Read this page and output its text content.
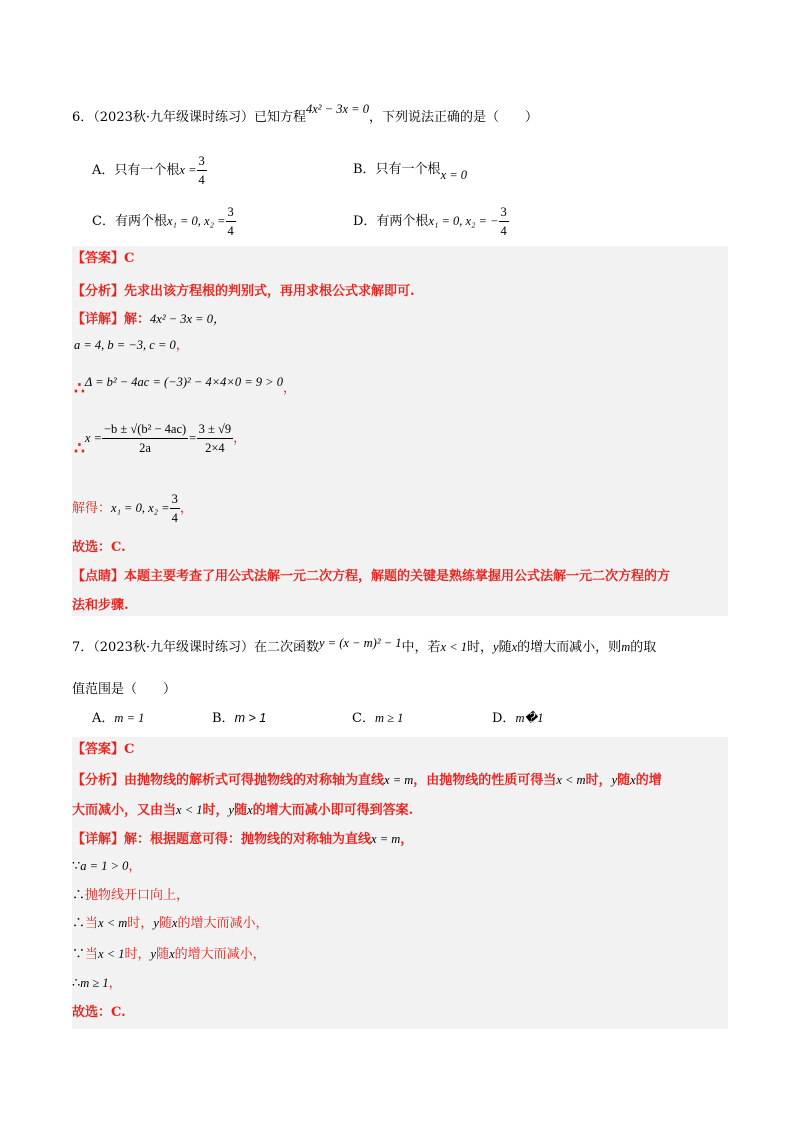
6．（2023秋·九年级课时练习）已知方程4x² − 3x = 0，下列说法正确的是（　　）
A．只有一个根$x = \frac{3}{4}$	B．只有一个根x = 0
C．有两个根x₁ = 0, $x_2 = \frac{3}{4}$	D．有两个根x₁ = 0, x₂ = − $\frac{3}{4}$
【答案】C
【分析】先求出该方程根的判别式，再用求根公式求解即可.
【详解】解：4x² − 3x = 0，
a = 4, b = −3, c = 0，
∴Δ = b² − 4ac = (−3)² − 4×4×0 = 9 > 0，
∴x = $\frac{\text{−b ± √(b² − 4ac)}}{2a} = \frac{3 \pm √9}{2\times 4}$ ，
解得：x₁ = 0, $x_2 = \frac{3}{4}$ ，
故选：C.
【点睛】本题主要考查了用公式法解一元二次方程，解题的关键是熟练掌握用公式法解一元二次方程的方
法和步骤.
7．（2023秋·九年级课时练习）在二次函数y = (x − m)² − 1中，若x < 1时，y随x的增大而减小，则m的取
值范围是（　　）
A．m = 1	B．m > 1	C．m ≥ 1	D．m�1
【答案】C
【分析】由抛物线的解析式可得抛物线的对称轴为直线x = m，由抛物线的性质可得当x < m时，y随x的增
大而减小，又由当x < 1时，y随x的增大而减小即可得到答案.
【详解】解：根据题意可得：抛物线的对称轴为直线x = m，
∵a = 1 > 0，
∴抛物线开口向上，
∴当x < m时，y随x的增大而减小，
∵当x < 1时，y随x的增大而减小，
∴m ≥ 1，
故选：C.
